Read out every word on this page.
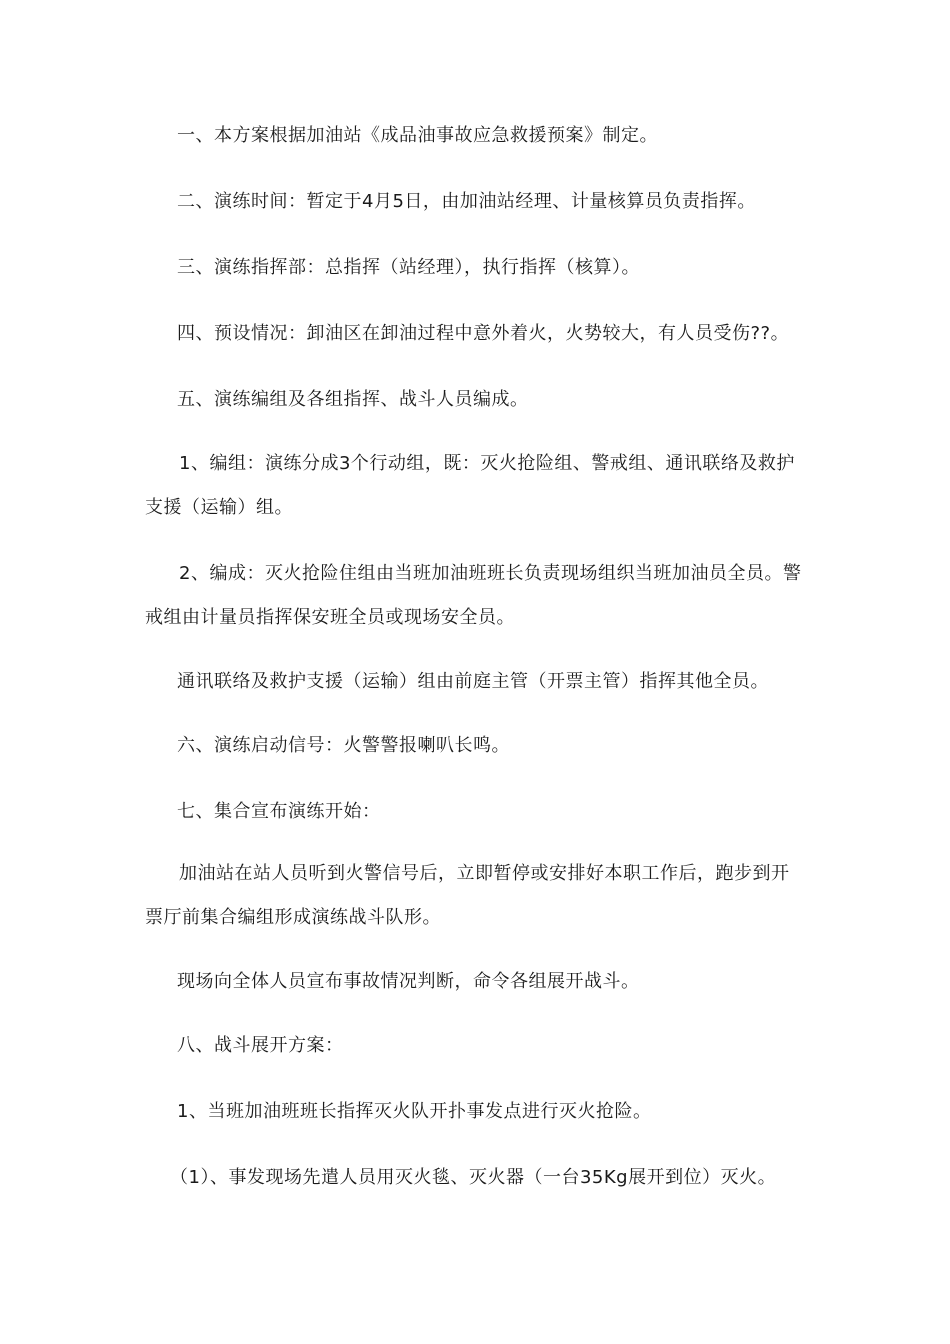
一、本方案根据加油站《成品油事故应急救援预案》制定。

二、演练时间：暂定于4月5日，由加油站经理、计量核算员负责指挥。

三、演练指挥部：总指挥（站经理），执行指挥（核算）。

四、预设情况：卸油区在卸油过程中意外着火，火势较大，有人员受伤??。

五、演练编组及各组指挥、战斗人员编成。

1、编组：演练分成3个行动组，既：灭火抢险组、警戒组、通讯联络及救护支援（运输）组。

2、编成：灭火抢险住组由当班加油班班长负责现场组织当班加油员全员。警戒组由计量员指挥保安班全员或现场安全员。

通讯联络及救护支援（运输）组由前庭主管（开票主管）指挥其他全员。

六、演练启动信号：火警警报喇叭长鸣。

七、集合宣布演练开始：

加油站在站人员听到火警信号后，立即暂停或安排好本职工作后，跑步到开票厅前集合编组形成演练战斗队形。

现场向全体人员宣布事故情况判断，命令各组展开战斗。

八、战斗展开方案：

1、当班加油班班长指挥灭火队开扑事发点进行灭火抢险。

（1）、事发现场先遣人员用灭火毯、灭火器（一台35Kg展开到位）灭火。
